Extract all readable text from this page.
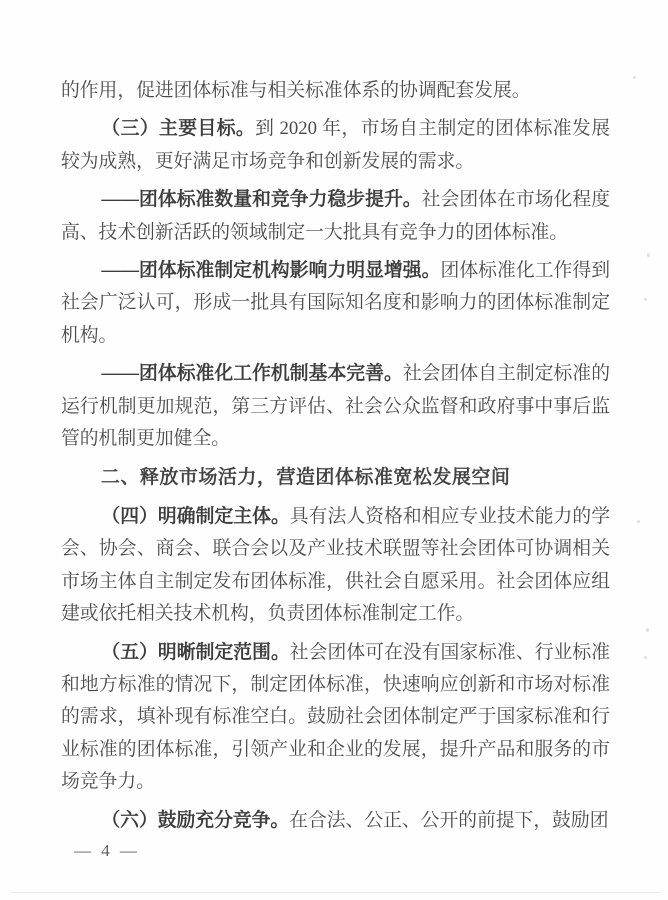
的作用，促进团体标准与相关标准体系的协调配套发展。

（三）主要目标。到 2020 年，市场自主制定的团体标准发展较为成熟，更好满足市场竞争和创新发展的需求。

——团体标准数量和竞争力稳步提升。社会团体在市场化程度高、技术创新活跃的领域制定一大批具有竞争力的团体标准。

——团体标准制定机构影响力明显增强。团体标准化工作得到社会广泛认可，形成一批具有国际知名度和影响力的团体标准制定机构。

——团体标准化工作机制基本完善。社会团体自主制定标准的运行机制更加规范，第三方评估、社会公众监督和政府事中事后监管的机制更加健全。

二、释放市场活力，营造团体标准宽松发展空间

（四）明确制定主体。具有法人资格和相应专业技术能力的学会、协会、商会、联合会以及产业技术联盟等社会团体可协调相关市场主体自主制定发布团体标准，供社会自愿采用。社会团体应组建或依托相关技术机构，负责团体标准制定工作。

（五）明晰制定范围。社会团体可在没有国家标准、行业标准和地方标准的情况下，制定团体标准，快速响应创新和市场对标准的需求，填补现有标准空白。鼓励社会团体制定严于国家标准和行业标准的团体标准，引领产业和企业的发展，提升产品和服务的市场竞争力。

（六）鼓励充分竞争。在合法、公正、公开的前提下，鼓励团

— 4 —
